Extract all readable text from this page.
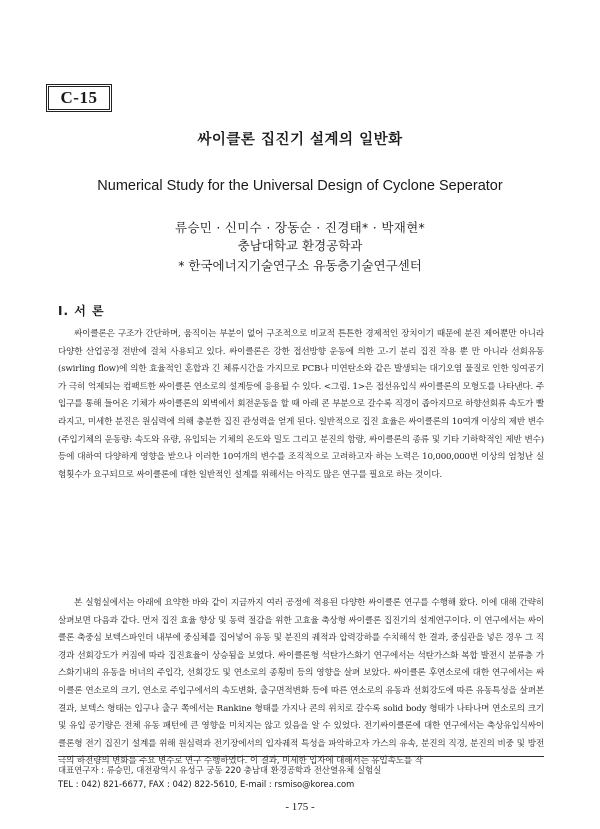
C-15
싸이클론 집진기 설계의 일반화
Numerical Study for the Universal Design of Cyclone Seperator
류승민 · 신미수 · 장동순 · 진경태* · 박재현*
충남대학교 환경공학과
* 한국에너지기술연구소 유동층기술연구센터
I. 서 론

싸이클론은 구조가 간단하며, 움직이는 부분이 없어 구조적으로 비교적 튼튼한 경제적인 장치이기 때문에 분진 제어뿐만 아니라 다양한 산업공정 전반에 걸쳐 사용되고 있다. 싸이클론은 강한 접선방향 운동에 의한 고-기 분리 집진 작용 뿐 만 아니라 선회유동(swirling flow)에 의한 효율적인 혼합과 긴 체류시간을 가지므로 PCB나 미연탄소와 같은 발생되는 대기오염 물질로 인한 잉여공기가 극히 억제되는 컴팩트한 싸이클론 연소로의 설계등에 응용될 수 있다. <그림. 1>은 접선유입식 싸이클론의 모형도를 나타낸다. 주입구를 통해 들어온 기체가 싸이클론의 외벽에서 회전운동을 할 때 아래 콘 부분으로 갈수록 직경이 좁아지므로 하향선회류 속도가 빨라지고, 미세한 분진은 원심력에 의해 충분한 집진 관성력을 얻게 된다. 일반적으로 집진 효율은 싸이클론의 10여개 이상의 제반 변수(주입기체의 운동량: 속도와 유량, 유입되는 기체의 온도와 밀도 그리고 분진의 함량, 싸이클론의 종류 및 기타 기하학적인 제반 변수)등에 대하여 다양하게 영향을 받으나 이러한 10여개의 변수를 조직적으로 고려하고자 하는 노력은 10,000,000번 이상의 엄청난 실험횟수가 요구되므로 싸이클론에 대한 일반적인 설계를 위해서는 아직도 많은 연구를 필요로 하는 것이다.

본 실험실에서는 아래에 요약한 바와 같이 지금까지 여러 공정에 적용된 다양한 싸이클론 연구를 수행해 왔다. 이에 대해 간략히 살펴보면 다음과 같다. 먼저 집진 효율 향상 및 동력 절감을 위한 고효율 축상형 싸이클론 집진기의 설계연구이다. 이 연구에서는 싸이클론 축중심 보텍스파인더 내부에 중심체를 집어넣어 유동 및 분진의 궤적과 압력강하를 수치해석 한 결과, 중심관을 넣은 경우 그 직경과 선회강도가 커짐에 따라 집진효율이 상승됨을 보였다. 싸이클론형 석탄가스화기 연구에서는 석탄가스화 복합 발전시 분류층 가스화기내의 유동을 버너의 주입각, 선회강도 및 연소로의 종횡비 등의 영향을 살펴 보았다. 싸이클론 후연소로에 대한 연구에서는 싸이클론 연소로의 크기, 연소로 주입구에서의 속도변화, 출구면적변화 등에 따른 연소로의 유동과 선회강도에 따른 유동특성을 살펴본 결과, 보텍스 형태는 입구나 출구 쪽에서는 Rankine 형태를 가지나 콘의 위치로 갈수록 solid body 형태가 나타나며 연소로의 크기 및 유입 공기량은 전체 유동 패턴에 큰 영향을 미치지는 않고 있음을 알 수 있었다. 전기싸이클론에 대한 연구에서는 축상유입식싸이클론형 전기 집진기 설계를 위해 원심력과 전기장에서의 입자궤적 특성을 파악하고자 가스의 유속, 분진의 직경, 분진의 비중 및 방전극의 하전량의 변화를 주요 변수로 연구 수행하였다. 이 결과, 미세한 입자에 대해서는 유입속도를 작

대표연구자 : 류승민, 대전광역시 유성구 궁동 220 충남대 환경공학과 전산열유체 실험실
TEL : 042) 821-6677, FAX : 042) 822-5610, E-mail : rsmiso@korea.com
- 175 -
